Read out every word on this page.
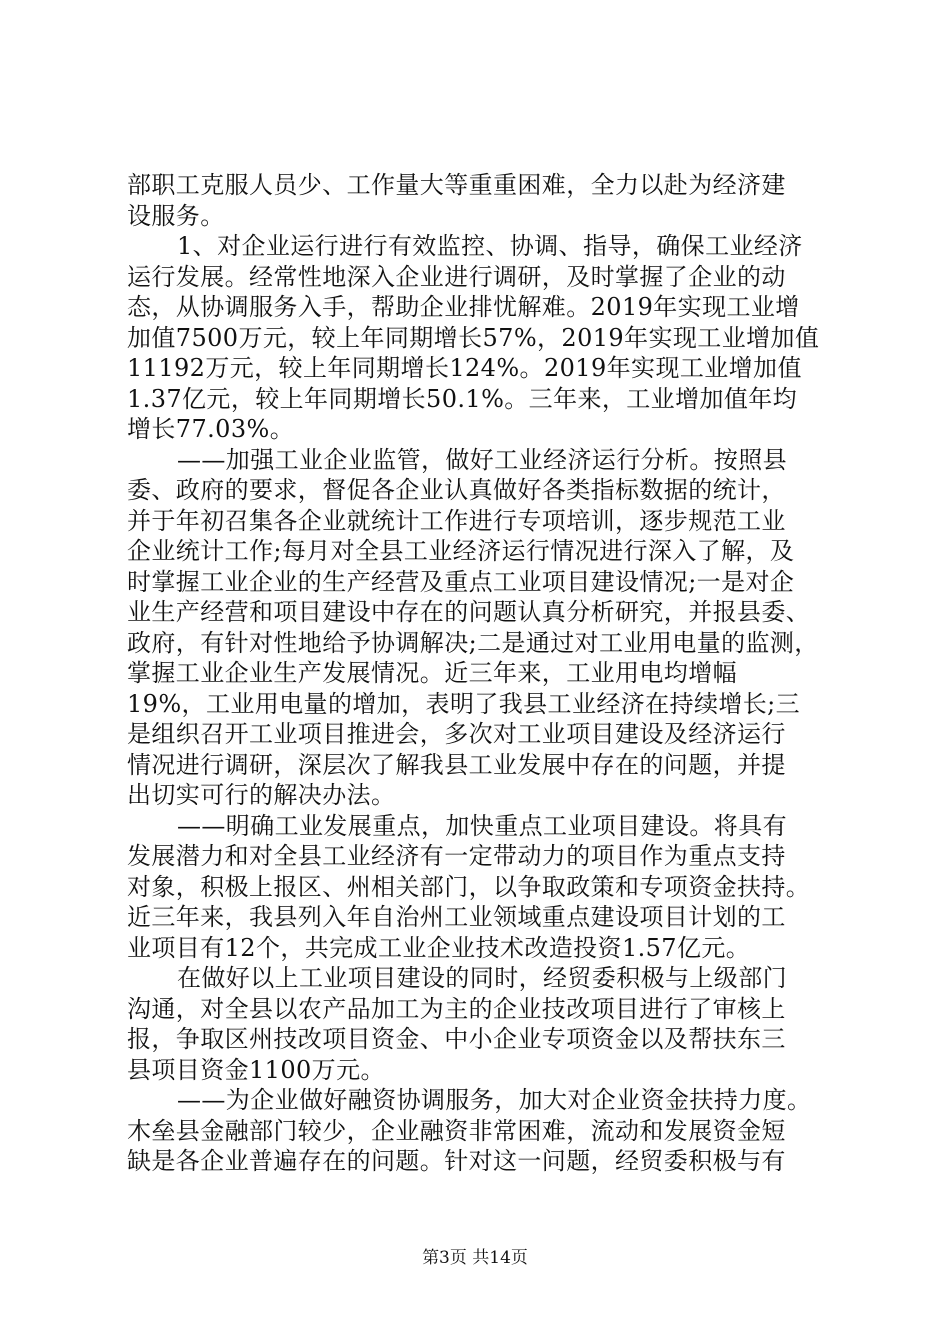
部职工克服人员少、工作量大等重重困难，全力以赴为经济建
设服务。
1、对企业运行进行有效监控、协调、指导，确保工业经济
运行发展。经常性地深入企业进行调研，及时掌握了企业的动
态，从协调服务入手，帮助企业排忧解难。2019年实现工业增
加值7500万元，较上年同期增长57%，2019年实现工业增加值
11192万元，较上年同期增长124%。2019年实现工业增加值
1.37亿元，较上年同期增长50.1%。三年来，工业增加值年均
增长77.03%。
——加强工业企业监管，做好工业经济运行分析。按照县
委、政府的要求，督促各企业认真做好各类指标数据的统计，
并于年初召集各企业就统计工作进行专项培训，逐步规范工业
企业统计工作;每月对全县工业经济运行情况进行深入了解，及
时掌握工业企业的生产经营及重点工业项目建设情况;一是对企
业生产经营和项目建设中存在的问题认真分析研究，并报县委、
政府，有针对性地给予协调解决;二是通过对工业用电量的监测，
掌握工业企业生产发展情况。近三年来，工业用电均增幅
19%，工业用电量的增加，表明了我县工业经济在持续增长;三
是组织召开工业项目推进会，多次对工业项目建设及经济运行
情况进行调研，深层次了解我县工业发展中存在的问题，并提
出切实可行的解决办法。
——明确工业发展重点，加快重点工业项目建设。将具有
发展潜力和对全县工业经济有一定带动力的项目作为重点支持
对象，积极上报区、州相关部门，以争取政策和专项资金扶持。
近三年来，我县列入年自治州工业领域重点建设项目计划的工
业项目有12个，共完成工业企业技术改造投资1.57亿元。
在做好以上工业项目建设的同时，经贸委积极与上级部门
沟通，对全县以农产品加工为主的企业技改项目进行了审核上
报，争取区州技改项目资金、中小企业专项资金以及帮扶东三
县项目资金1100万元。
——为企业做好融资协调服务，加大对企业资金扶持力度。
木垒县金融部门较少，企业融资非常困难，流动和发展资金短
缺是各企业普遍存在的问题。针对这一问题，经贸委积极与有
第3页 共14页
